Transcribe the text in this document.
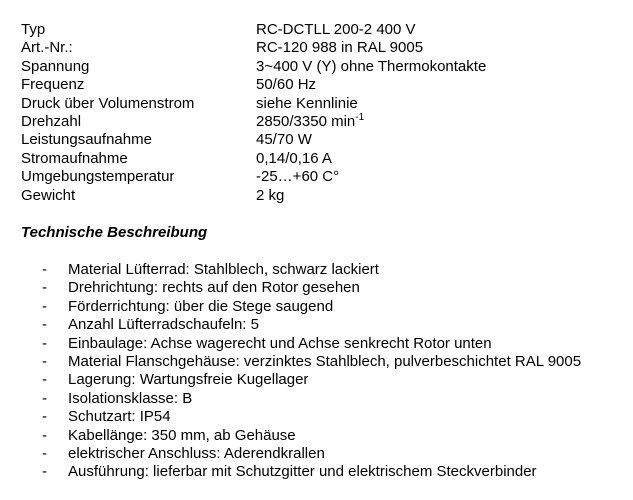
Typ	RC-DCTLL 200-2 400 V
Art.-Nr.:	RC-120 988 in RAL 9005
Spannung	3~400 V (Y) ohne Thermokontakte
Frequenz	50/60 Hz
Druck über Volumenstrom	siehe Kennlinie
Drehzahl	2850/3350 $\min^{-1}$
Leistungsaufnahme	45/70 W
Stromaufnahme	0,14/0,16 A
Umgebungstemperatur	-25…+60 C°
Gewicht	2 kg
Technische Beschreibung
-	Material Lüfterrad: Stahlblech, schwarz lackiert
-	Drehrichtung: rechts auf den Rotor gesehen
-	Förderrichtung: über die Stege saugend
-	Anzahl Lüfterradschaufeln: 5
-	Einbaulage: Achse wagerecht und Achse senkrecht Rotor unten
-	Material Flanschgehäuse: verzinktes Stahlblech, pulverbeschichtet RAL 9005
-	Lagerung: Wartungsfreie Kugellager
-	Isolationsklasse: B
-	Schutzart: IP54
-	Kabellänge: 350 mm, ab Gehäuse
-	elektrischer Anschluss: Aderendkrallen
-	Ausführung: lieferbar mit Schutzgitter und elektrischem Steckverbinder
